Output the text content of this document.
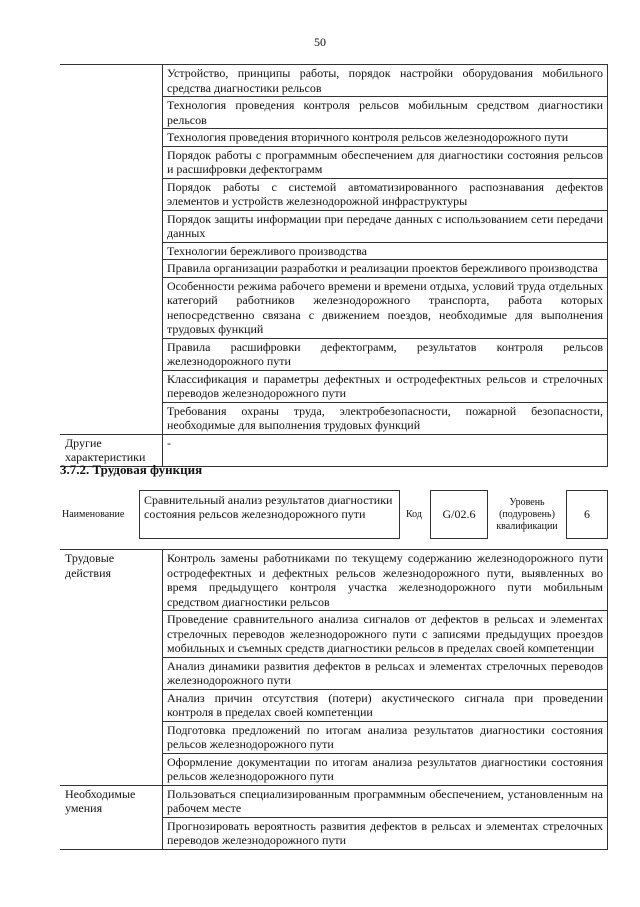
50
	Устройство, принципы работы, порядок настройки оборудования мобильного средства диагностики рельсов
	Технология проведения контроля рельсов мобильным средством диагностики рельсов
	Технология проведения вторичного контроля рельсов железнодорожного пути
	Порядок работы с программным обеспечением для диагностики состояния рельсов и расшифровки дефектограмм
	Порядок работы с системой автоматизированного распознавания дефектов элементов и устройств железнодорожной инфраструктуры
	Порядок защиты информации при передаче данных с использованием сети передачи данных
	Технологии бережливого производства
	Правила организации разработки и реализации проектов бережливого производства
	Особенности режима рабочего времени и времени отдыха, условий труда отдельных категорий работников железнодорожного транспорта, работа которых непосредственно связана с движением поездов, необходимые для выполнения трудовых функций
	Правила расшифровки дефектограмм, результатов контроля рельсов железнодорожного пути
	Классификация и параметры дефектных и остродефектных рельсов и стрелочных переводов железнодорожного пути
	Требования охраны труда, электробезопасности, пожарной безопасности, необходимые для выполнения трудовых функций
Другие характеристики	-
3.7.2. Трудовая функция
Наименование
Сравнительный анализ результатов диагностики состояния рельсов железнодорожного пути	Код	G/02.6
Уровень (подуровень) квалификации
6
Трудовые действия	Контроль замены работниками по текущему содержанию железнодорожного пути остродефектных и дефектных рельсов железнодорожного пути, выявленных во время предыдущего контроля участка железнодорожного пути мобильным средством диагностики рельсов
	Проведение сравнительного анализа сигналов от дефектов в рельсах и элементах стрелочных переводов железнодорожного пути с записями предыдущих проездов мобильных и съемных средств диагностики рельсов в пределах своей компетенции
	Анализ динамики развития дефектов в рельсах и элементах стрелочных переводов железнодорожного пути
	Анализ причин отсутствия (потери) акустического сигнала при проведении контроля в пределах своей компетенции
	Подготовка предложений по итогам анализа результатов диагностики состояния рельсов железнодорожного пути
	Оформление документации по итогам анализа результатов диагностики состояния рельсов железнодорожного пути
Необходимые умения	Пользоваться специализированным программным обеспечением, установленным на рабочем месте
	Прогнозировать вероятность развития дефектов в рельсах и элементах стрелочных переводов железнодорожного пути
